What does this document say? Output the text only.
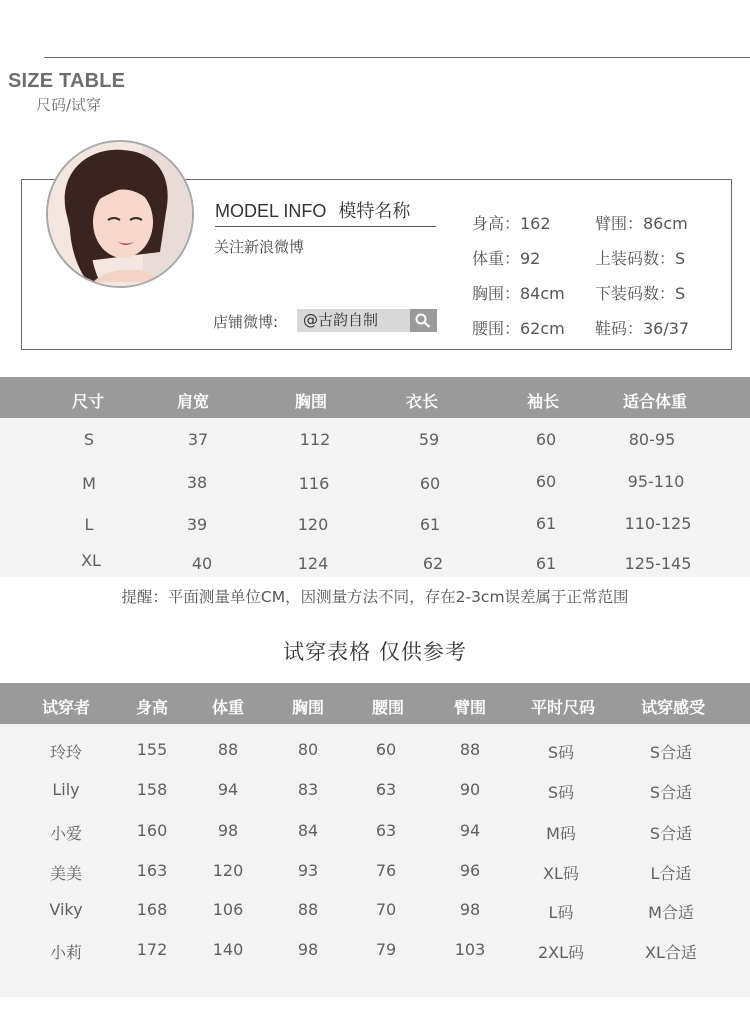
SIZE TABLE
尺码/试穿
MODEL INFO 模特名称
关注新浪微博
店铺微博:	@古韵自制
身高：162	臂围：86cm
体重：92	上装码数：S
胸围：84cm 下装码数：S
腰围：62cm 鞋码：36/37
尺寸	肩宽	胸围	衣长	袖长	适合体重
S	37	112	59	60	80-95
M	38	116	60	60	95-110
L	39	120	61	61	110-125
XL	40	124	62	61	125-145
提醒：平面测量单位CM，因测量方法不同，存在2-3cm误差属于正常范围
试穿表格 仅供参考
试穿者	身高	体重	胸围	腰围	臂围	平时尺码	试穿感受
玲玲	155	88	80	60	88	S码	S合适
Lily	158	94	83	63	90	S码	S合适
小爱	160	98	84	63	94	M码	S合适
美美	163	120	93	76	96	XL码	L合适
Viky	168	106	88	70	98	L码	M合适
小莉	172	140	98	79	103	2XL码	XL合适
